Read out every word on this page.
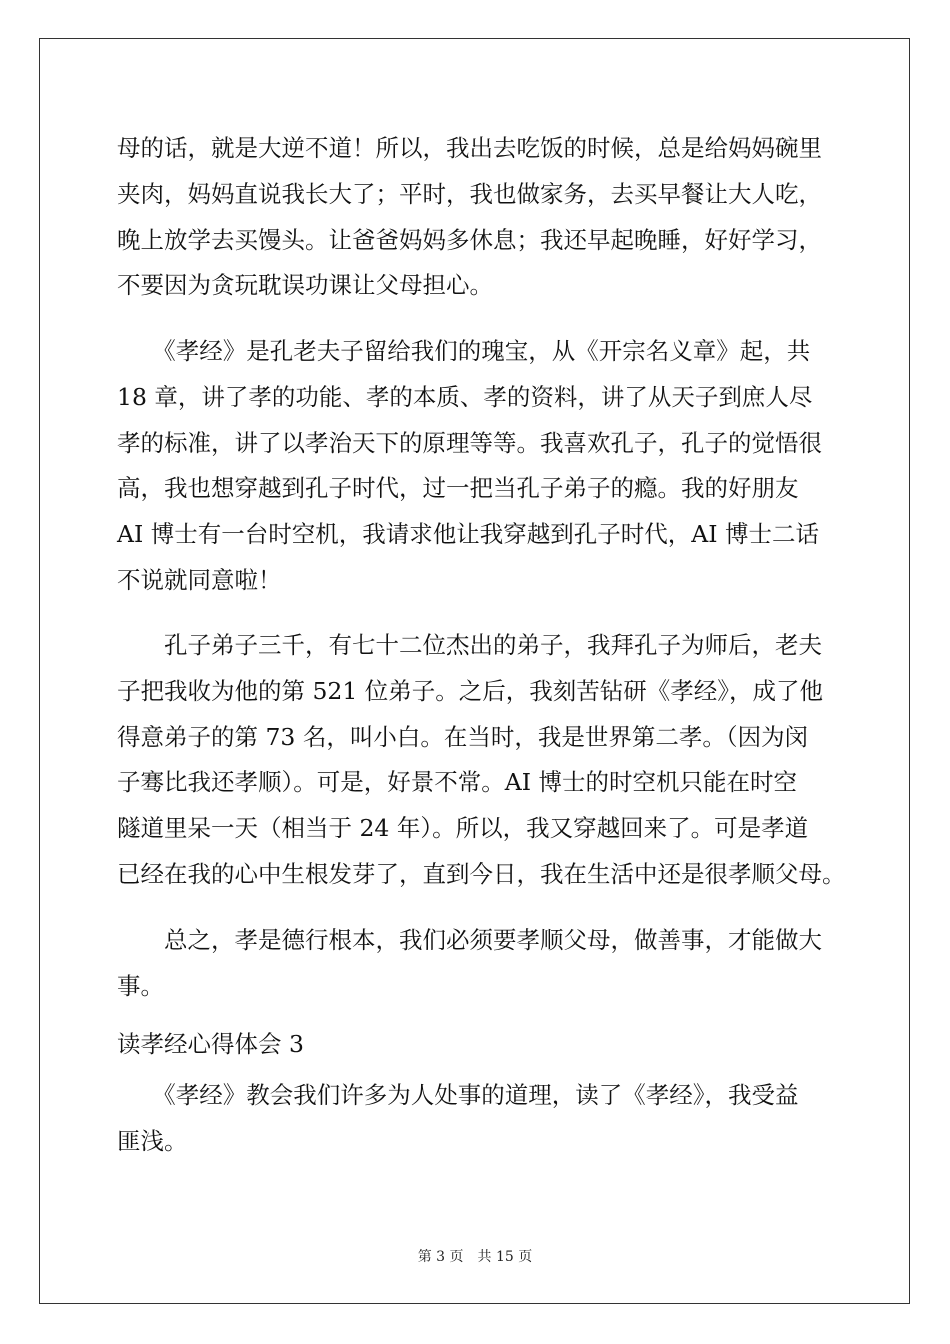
母的话，就是大逆不道！所以，我出去吃饭的时候，总是给妈妈碗里
夹肉，妈妈直说我长大了；平时，我也做家务，去买早餐让大人吃，
晚上放学去买馒头。让爸爸妈妈多休息；我还早起晚睡，好好学习，
不要因为贪玩耽误功课让父母担心。
　　《孝经》是孔老夫子留给我们的瑰宝，从《开宗名义章》起，共
18 章，讲了孝的功能、孝的本质、孝的资料，讲了从天子到庶人尽
孝的标准，讲了以孝治天下的原理等等。我喜欢孔子，孔子的觉悟很
高，我也想穿越到孔子时代，过一把当孔子弟子的瘾。我的好朋友
AI 博士有一台时空机，我请求他让我穿越到孔子时代，AI 博士二话
不说就同意啦！
　　孔子弟子三千，有七十二位杰出的弟子，我拜孔子为师后，老夫
子把我收为他的第 521 位弟子。之后，我刻苦钻研《孝经》，成了他
得意弟子的第 73 名，叫小白。在当时，我是世界第二孝。（因为闵
子骞比我还孝顺）。可是，好景不常。AI 博士的时空机只能在时空
隧道里呆一天（相当于 24 年）。所以，我又穿越回来了。可是孝道
已经在我的心中生根发芽了，直到今日，我在生活中还是很孝顺父母。
　　总之，孝是德行根本，我们必须要孝顺父母，做善事，才能做大
事。
读孝经心得体会 3
　　《孝经》教会我们许多为人处事的道理，读了《孝经》，我受益
匪浅。
第 3 页　共 15 页
